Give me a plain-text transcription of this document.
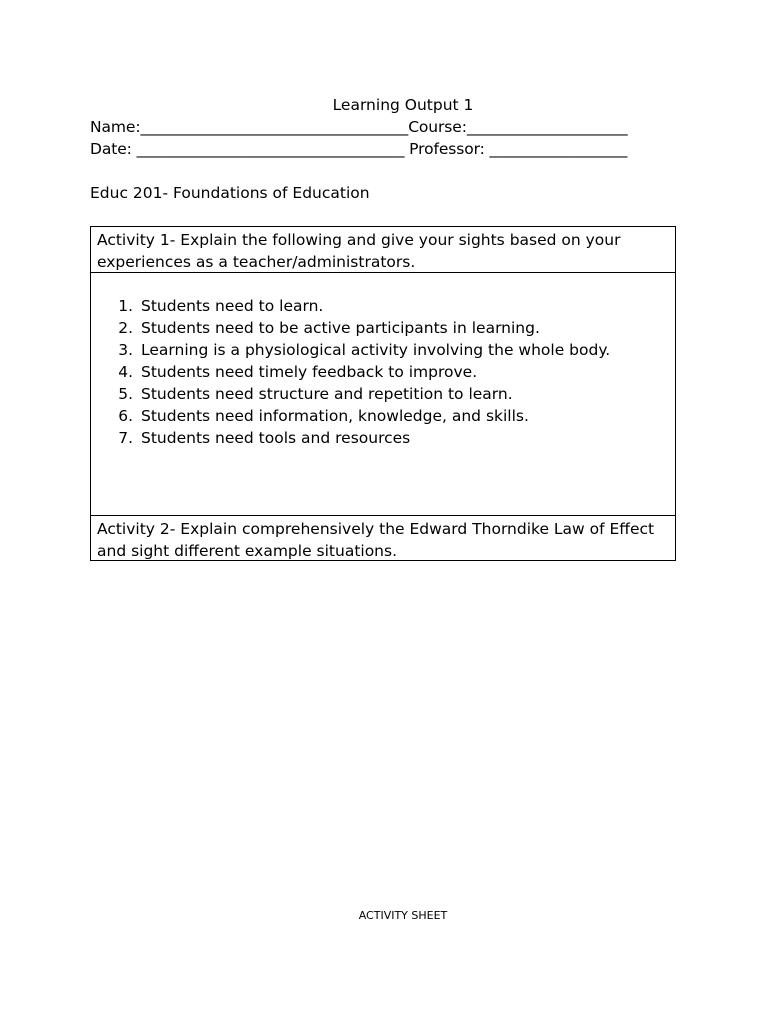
Learning Output 1
Name:___________________________________Course:_____________________
Date: ___________________________________ Professor: __________________
Educ 201- Foundations of Education
Activity 1- Explain the following and give your sights based on your experiences as a teacher/administrators.
1. Students need to learn.
2. Students need to be active participants in learning.
3. Learning is a physiological activity involving the whole body.
4. Students need timely feedback to improve.
5. Students need structure and repetition to learn.
6. Students need information, knowledge, and skills.
7. Students need tools and resources
Activity 2- Explain comprehensively the Edward Thorndike Law of Effect and sight different example situations.
ACTIVITY SHEET
